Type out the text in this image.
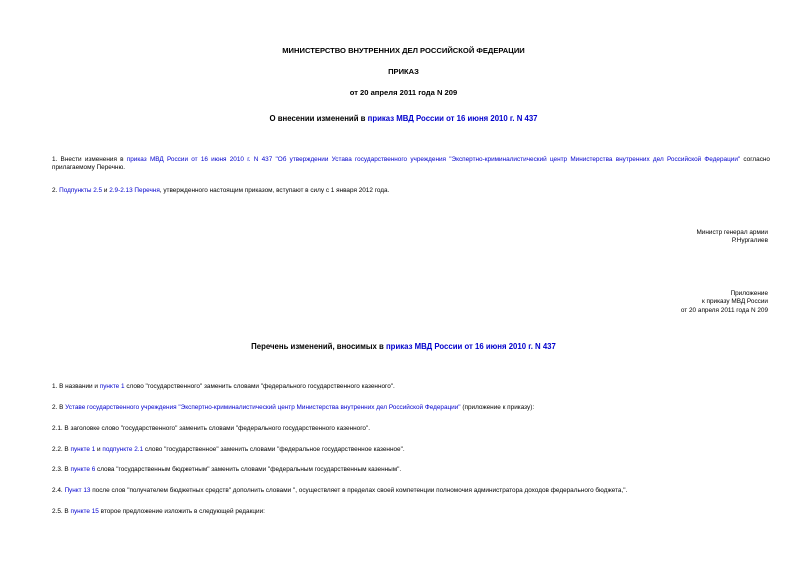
МИНИСТЕРСТВО ВНУТРЕННИХ ДЕЛ РОССИЙСКОЙ ФЕДЕРАЦИИ
ПРИКАЗ
от 20 апреля 2011 года N 209
О внесении изменений в приказ МВД России от 16 июня 2010 г. N 437
1. Внести изменения в приказ МВД России от 16 июня 2010 г. N 437 "Об утверждении Устава государственного учреждения "Экспертно-криминалистический центр Министерства внутренних дел Российской Федерации" согласно прилагаемому Перечню.
2. Подпункты 2.5 и 2.9-2.13 Перечня, утвержденного настоящим приказом, вступают в силу с 1 января 2012 года.
Министр генерал армии
Р.Нургалиев
Приложение
к приказу МВД России
от 20 апреля 2011 года N 209
Перечень изменений, вносимых в приказ МВД России от 16 июня 2010 г. N 437
1. В названии и пункте 1 слово "государственного" заменить словами "федерального государственного казенного".
2. В Уставе государственного учреждения "Экспертно-криминалистический центр Министерства внутренних дел Российской Федерации" (приложение к приказу):
2.1. В заголовке слово "государственного" заменить словами "федерального государственного казенного".
2.2. В пункте 1 и подпункте 2.1 слово "государственное" заменить словами "федеральное государственное казенное".
2.3. В пункте 6 слова "государственным бюджетным" заменить словами "федеральным государственным казенным".
2.4. Пункт 13 после слов "получателем бюджетных средств" дополнить словами ", осуществляет в пределах своей компетенции полномочия администратора доходов федерального бюджета,".
2.5. В пункте 15 второе предложение изложить в следующей редакции:
